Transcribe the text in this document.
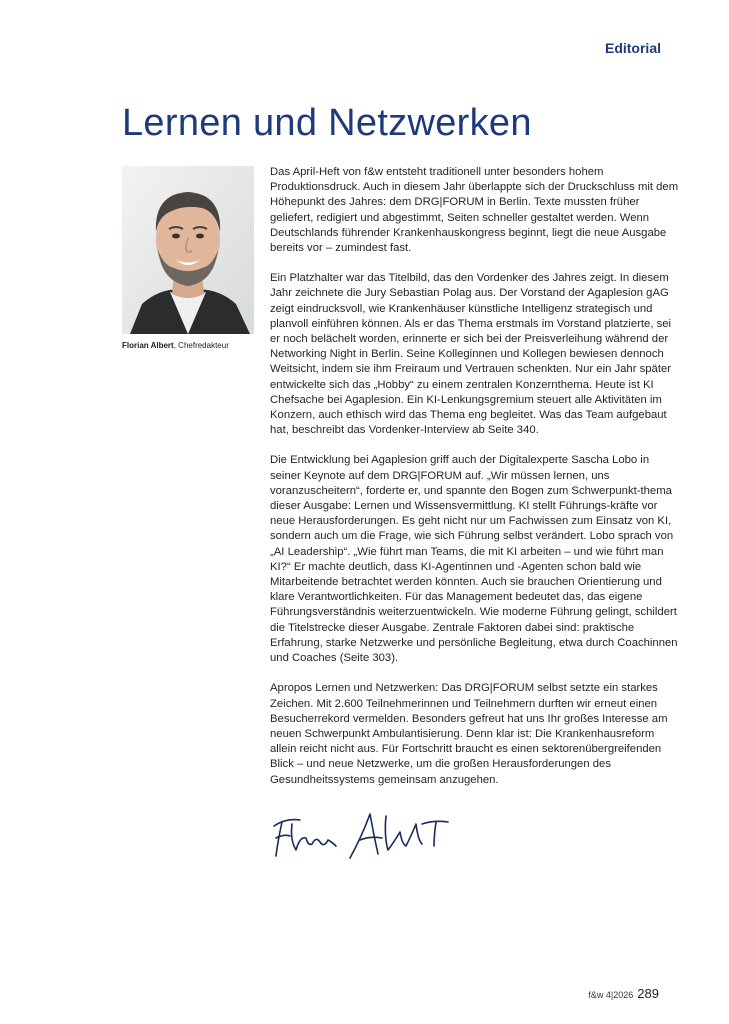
Editorial
Lernen und Netzwerken
Florian Albert, Chefredakteur

Das April-Heft von f&w entsteht traditionell unter besonders hohem Produktionsdruck. Auch in diesem Jahr überlappte sich der Druckschluss mit dem Höhepunkt des Jahres: dem DRG|FORUM in Berlin. Texte mussten früher geliefert, redigiert und abgestimmt, Seiten schneller gestaltet werden. Wenn Deutschlands führender Krankenhauskongress beginnt, liegt die neue Ausgabe bereits vor – zumindest fast.

Ein Platzhalter war das Titelbild, das den Vordenker des Jahres zeigt. In diesem Jahr zeichnete die Jury Sebastian Polag aus. Der Vorstand der Agaplesion gAG zeigt eindrucksvoll, wie Krankenhäuser künstliche Intelligenz strategisch und planvoll einführen können. Als er das Thema erstmals im Vorstand platzierte, sei er noch belächelt worden, erinnerte er sich bei der Preisverleihung während der Networking Night in Berlin. Seine Kolleginnen und Kollegen bewiesen dennoch Weitsicht, indem sie ihm Freiraum und Vertrauen schenkten. Nur ein Jahr später entwickelte sich das „Hobby“ zu einem zentralen Konzernthema. Heute ist KI Chefsache bei Agaplesion. Ein KI-Lenkungsgremium steuert alle Aktivitäten im Konzern, auch ethisch wird das Thema eng begleitet. Was das Team aufgebaut hat, beschreibt das Vordenker-Interview ab Seite 340.

Die Entwicklung bei Agaplesion griff auch der Digitalexperte Sascha Lobo in seiner Keynote auf dem DRG|FORUM auf. „Wir müssen lernen, uns voranzuscheitern“, forderte er, und spannte den Bogen zum Schwerpunkt-thema dieser Ausgabe: Lernen und Wissensvermittlung. KI stellt Führungs-kräfte vor neue Herausforderungen. Es geht nicht nur um Fachwissen zum Einsatz von KI, sondern auch um die Frage, wie sich Führung selbst verändert. Lobo sprach von „AI Leadership“. „Wie führt man Teams, die mit KI arbeiten – und wie führt man KI?“ Er machte deutlich, dass KI-Agentinnen und -Agenten schon bald wie Mitarbeitende betrachtet werden könnten. Auch sie brauchen Orientierung und klare Verantwortlichkeiten. Für das Management bedeutet das, das eigene Führungsverständnis weiterzuentwickeln. Wie moderne Führung gelingt, schildert die Titelstrecke dieser Ausgabe. Zentrale Faktoren dabei sind: praktische Erfahrung, starke Netzwerke und persönliche Begleitung, etwa durch Coachinnen und Coaches (Seite 303).

Apropos Lernen und Netzwerken: Das DRG|FORUM selbst setzte ein starkes Zeichen. Mit 2.600 Teilnehmerinnen und Teilnehmern durften wir erneut einen Besucherrekord vermelden. Besonders gefreut hat uns Ihr großes Interesse am neuen Schwerpunkt Ambulantisierung. Denn klar ist: Die Krankenhausreform allein reicht nicht aus. Für Fortschritt braucht es einen sektorenübergreifenden Blick – und neue Netzwerke, um die großen Herausforderungen des Gesundheitssystems gemeinsam anzugehen.

f&w 4|2026 289
